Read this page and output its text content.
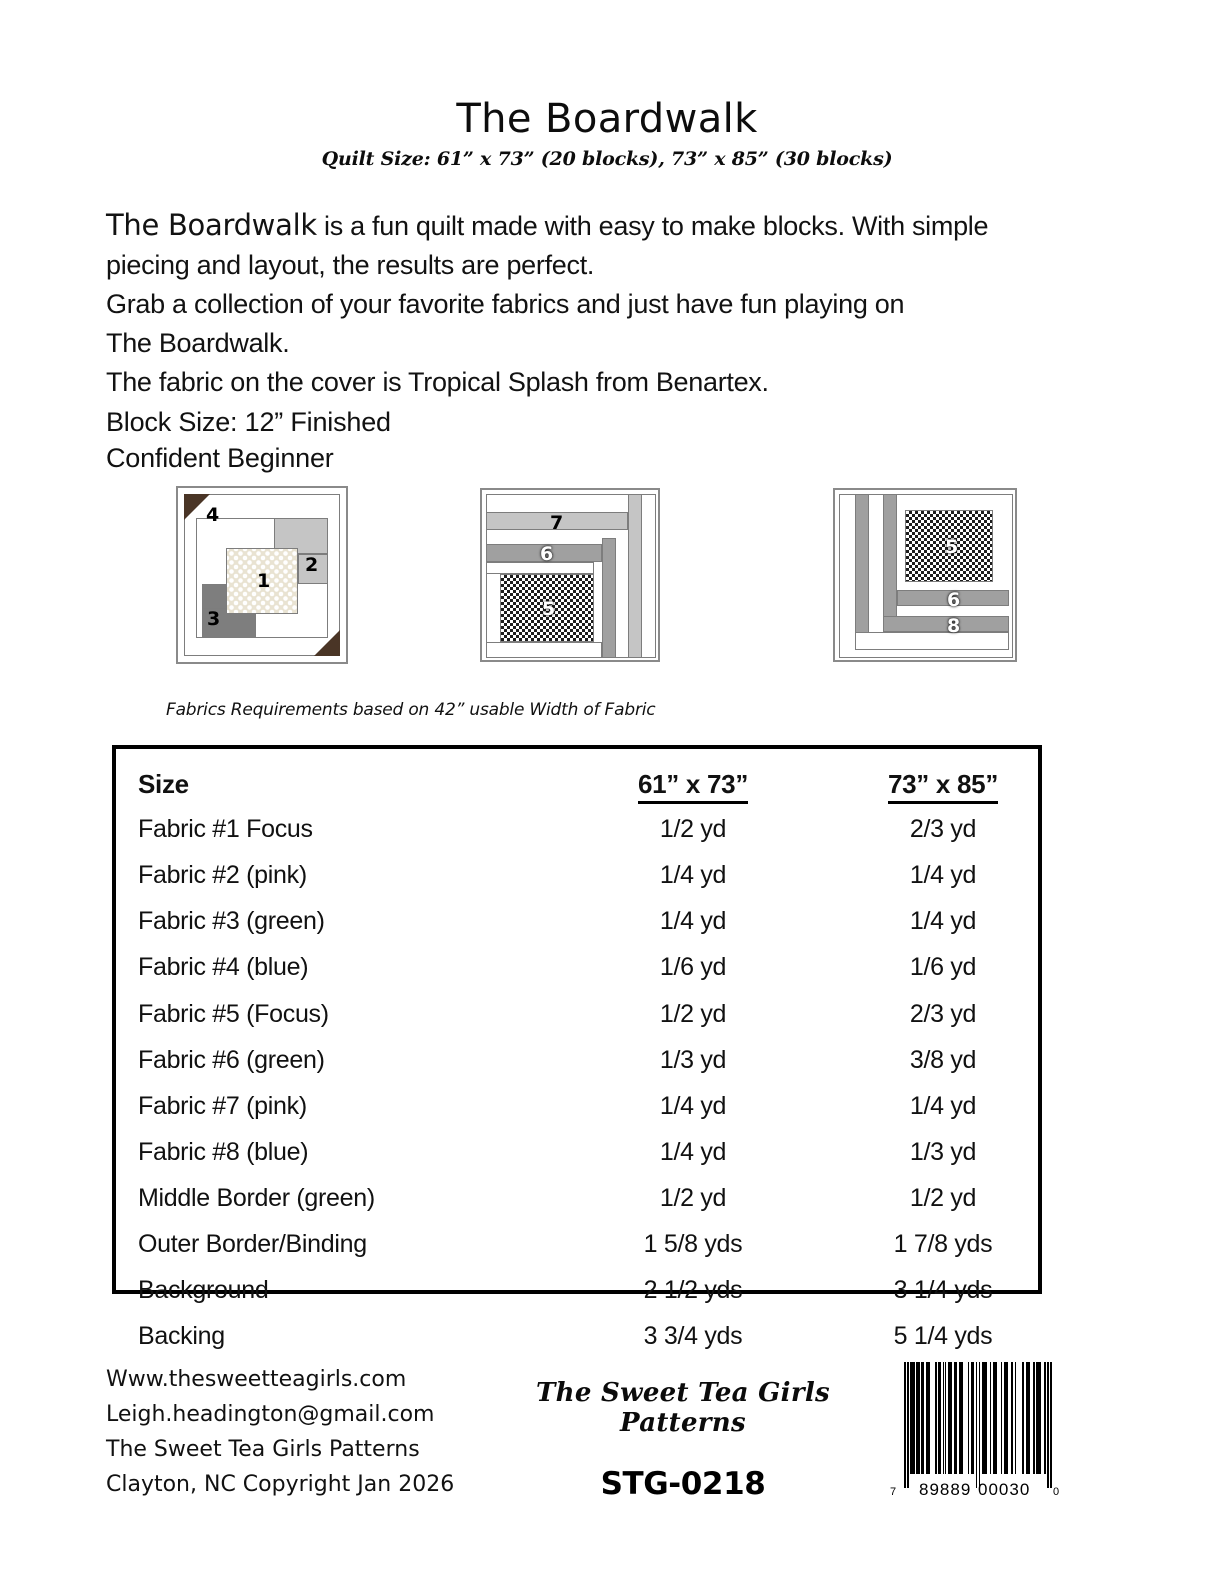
The Boardwalk
Quilt Size: 61” x 73” (20 blocks), 73” x 85” (30 blocks)

The Boardwalk is a fun quilt made with easy to make blocks. With simple

piecing and layout, the results are perfect.

Grab a collection of your favorite fabrics and just have fun playing on

The Boardwalk.

The fabric on the cover is Tropical Splash from Benartex.

Block Size: 12” Finished
Confident Beginner
4
2
1
3
7
6
5
5
6
8
Fabrics Requirements based on 42” usable Width of Fabric
Size	61” x 73”	73” x 85”
Fabric #1 Focus	1/2 yd	2/3 yd
Fabric #2 (pink)	1/4 yd	1/4 yd
Fabric #3 (green)	1/4 yd	1/4 yd
Fabric #4 (blue)	1/6 yd	1/6 yd
Fabric #5 (Focus)	1/2 yd	2/3 yd
Fabric #6 (green)	1/3 yd	3/8 yd
Fabric #7 (pink)	1/4 yd	1/4 yd
Fabric #8 (blue)	1/4 yd	1/3 yd
Middle Border (green)	1/2 yd	1/2 yd
Outer Border/Binding	1 5/8 yds	1 7/8 yds
Background	2 1/2 yds	3 1/4 yds
Backing	3 3/4 yds	5 1/4 yds
Www.thesweetteagirls.com
Leigh.headington@gmail.com
The Sweet Tea Girls Patterns
Clayton, NC Copyright Jan 2026
The Sweet Tea Girls Patterns
STG-0218	7 89889 00030 0
